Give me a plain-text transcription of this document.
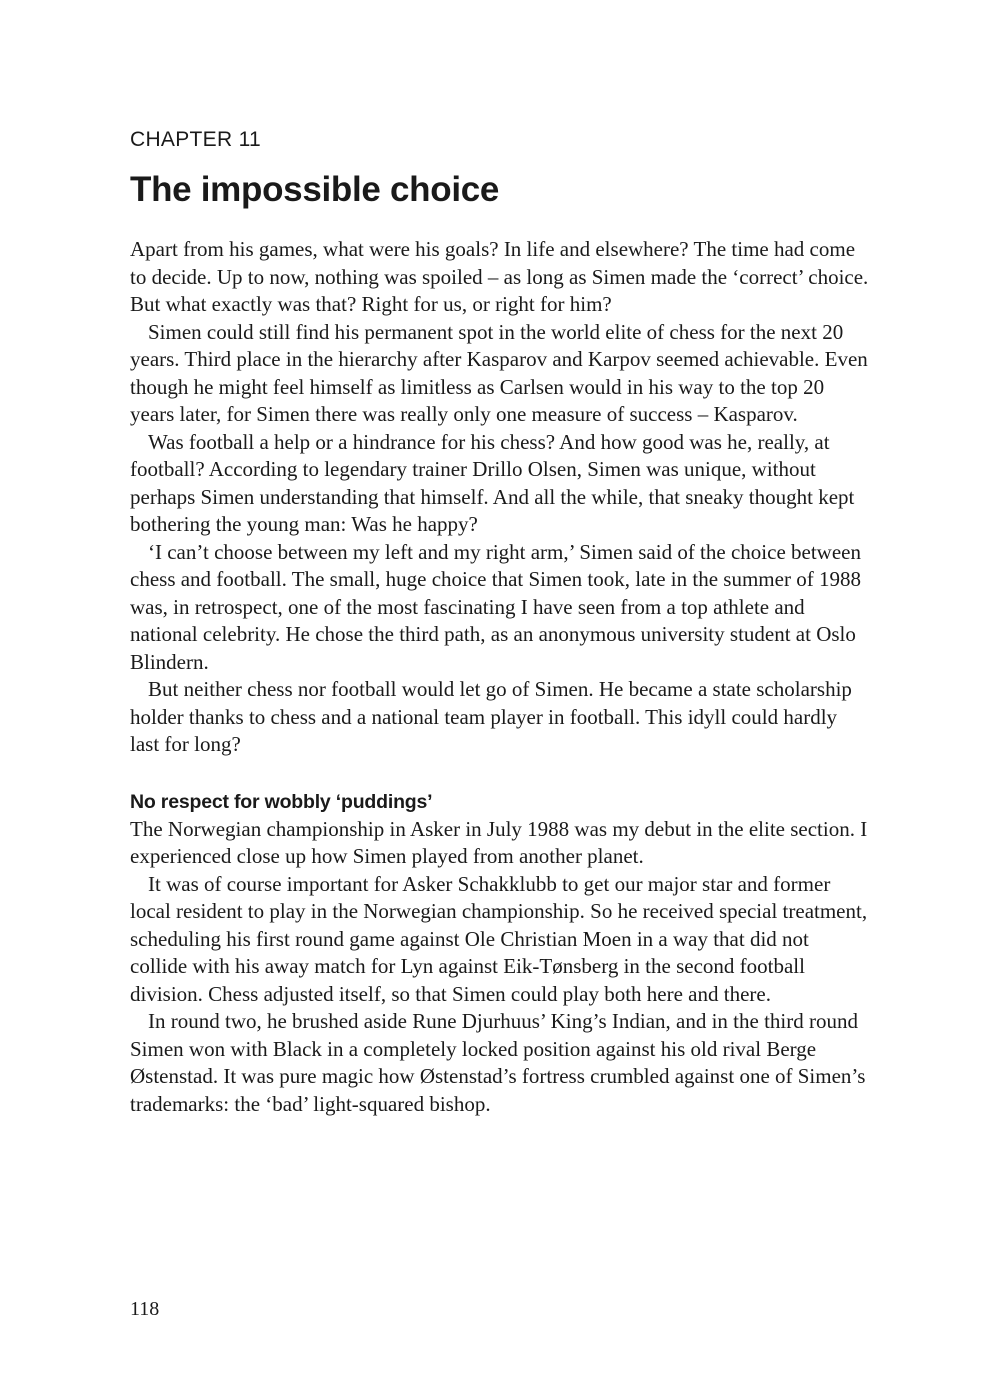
CHAPTER 11

The impossible choice

Apart from his games, what were his goals? In life and elsewhere? The time had come to decide. Up to now, nothing was spoiled – as long as Simen made the ‘correct’ choice. But what exactly was that? Right for us, or right for him?

Simen could still find his permanent spot in the world elite of chess for the next 20 years. Third place in the hierarchy after Kasparov and Karpov seemed achievable. Even though he might feel himself as limitless as Carlsen would in his way to the top 20 years later, for Simen there was really only one measure of success – Kasparov.

Was football a help or a hindrance for his chess? And how good was he, really, at football? According to legendary trainer Drillo Olsen, Simen was unique, without perhaps Simen understanding that himself. And all the while, that sneaky thought kept bothering the young man: Was he happy?

‘I can’t choose between my left and my right arm,’ Simen said of the choice between chess and football. The small, huge choice that Simen took, late in the summer of 1988 was, in retrospect, one of the most fascinating I have seen from a top athlete and national celebrity. He chose the third path, as an anonymous university student at Oslo Blindern.

But neither chess nor football would let go of Simen. He became a state scholarship holder thanks to chess and a national team player in football. This idyll could hardly last for long?

No respect for wobbly ‘puddings’

The Norwegian championship in Asker in July 1988 was my debut in the elite section. I experienced close up how Simen played from another planet.

It was of course important for Asker Schakklubb to get our major star and former local resident to play in the Norwegian championship. So he received special treatment, scheduling his first round game against Ole Christian Moen in a way that did not collide with his away match for Lyn against Eik-Tønsberg in the second football division. Chess adjusted itself, so that Simen could play both here and there.

In round two, he brushed aside Rune Djurhuus’ King’s Indian, and in the third round Simen won with Black in a completely locked position against his old rival Berge Østenstad. It was pure magic how Østenstad’s fortress crumbled against one of Simen’s trademarks: the ‘bad’ light-squared bishop.

118
